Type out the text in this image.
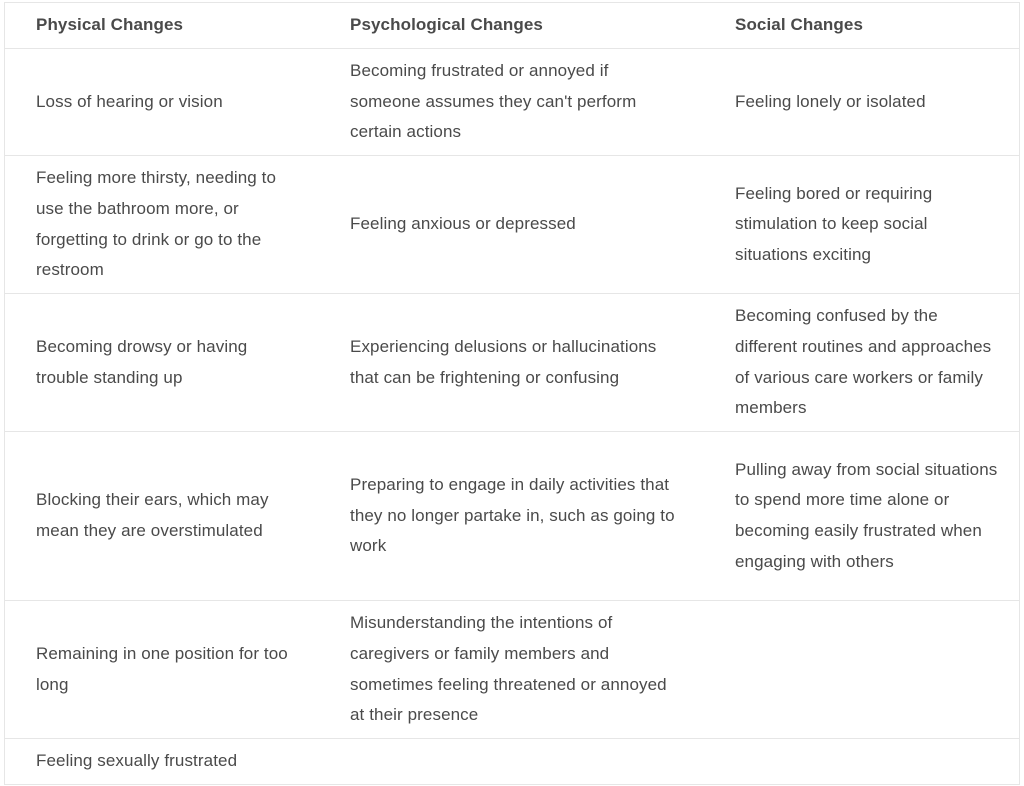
Physical Changes	Psychological Changes	Social Changes

Loss of hearing or vision	Becoming frustrated or annoyed if someone assumes they can't perform certain actions	Feeling lonely or isolated

Feeling more thirsty, needing to use the bathroom more, or forgetting to drink or go to the restroom	Feeling anxious or depressed	Feeling bored or requiring stimulation to keep social situations exciting

Becoming drowsy or having trouble standing up	Experiencing delusions or hallucinations that can be frightening or confusing	Becoming confused by the different routines and approaches of various care workers or family members

Blocking their ears, which may mean they are overstimulated	Preparing to engage in daily activities that they no longer partake in, such as going to work	Pulling away from social situations to spend more time alone or becoming easily frustrated when engaging with others

Remaining in one position for too long	Misunderstanding the intentions of caregivers or family members and sometimes feeling threatened or annoyed at their presence	

Feeling sexually frustrated		
